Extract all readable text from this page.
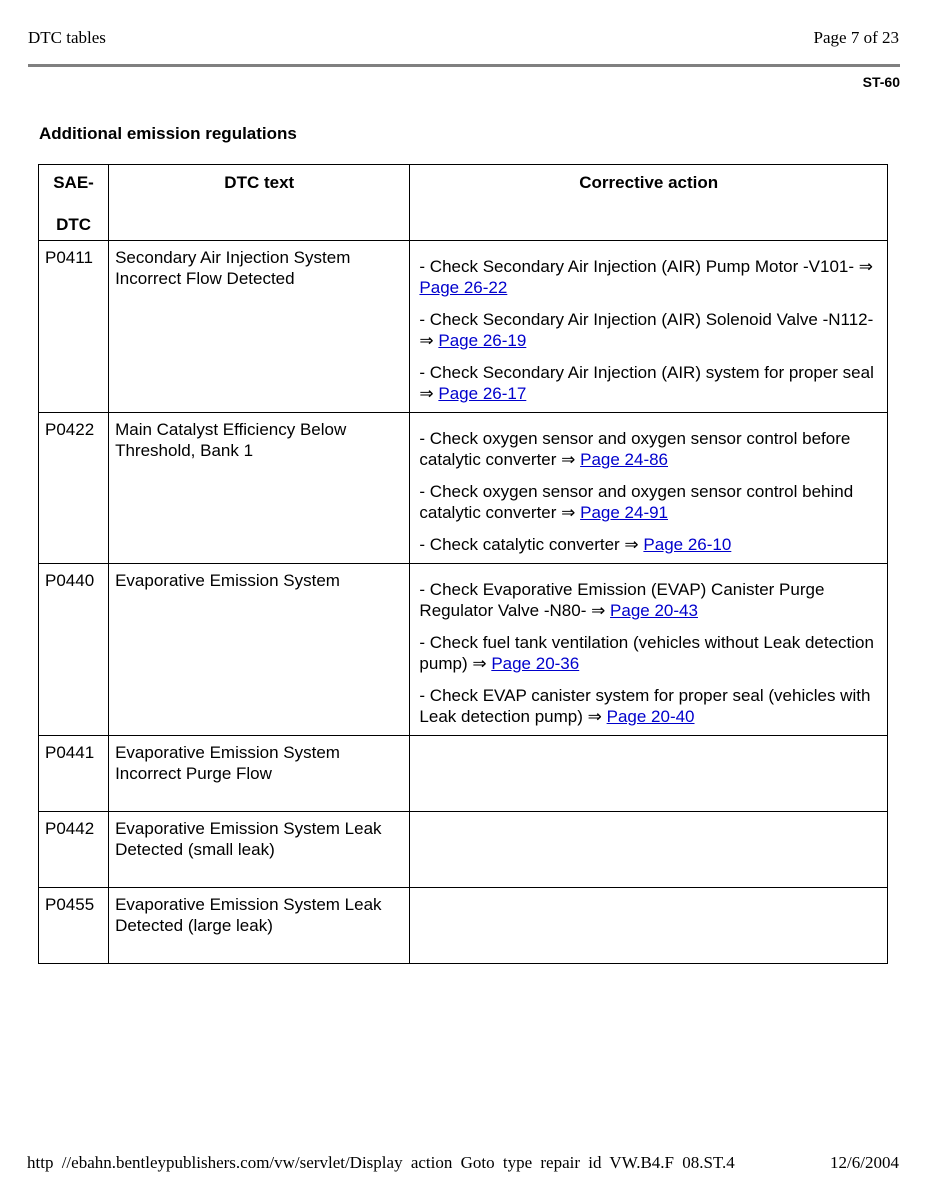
DTC tables	Page 7 of 23
ST-60
Additional emission regulations
SAE-
DTC	DTC text	Corrective action
P0411	Secondary Air Injection System Incorrect Flow Detected	- Check Secondary Air Injection (AIR) Pump Motor -V101- ⇒ Page 26-22
- Check Secondary Air Injection (AIR) Solenoid Valve -N112- ⇒ Page 26-19
- Check Secondary Air Injection (AIR) system for proper seal ⇒ Page 26-17

P0422	Main Catalyst Efficiency Below Threshold, Bank 1	- Check oxygen sensor and oxygen sensor control before catalytic converter ⇒ Page 24-86
- Check oxygen sensor and oxygen sensor control behind catalytic converter ⇒ Page 24-91
- Check catalytic converter ⇒ Page 26-10

P0440	Evaporative Emission System	- Check Evaporative Emission (EVAP) Canister Purge Regulator Valve -N80- ⇒ Page 20-43
- Check fuel tank ventilation (vehicles without Leak detection pump) ⇒ Page 20-36
- Check EVAP canister system for proper seal (vehicles with Leak detection pump) ⇒ Page 20-40

P0441	Evaporative Emission System Incorrect Purge Flow	
P0442	Evaporative Emission System Leak Detected (small leak)	
P0455	Evaporative Emission System Leak Detected (large leak)	
http //ebahn.bentleypublishers.com/vw/servlet/Display action Goto type repair id VW.B4.F 08.ST.4	12/6/2004
